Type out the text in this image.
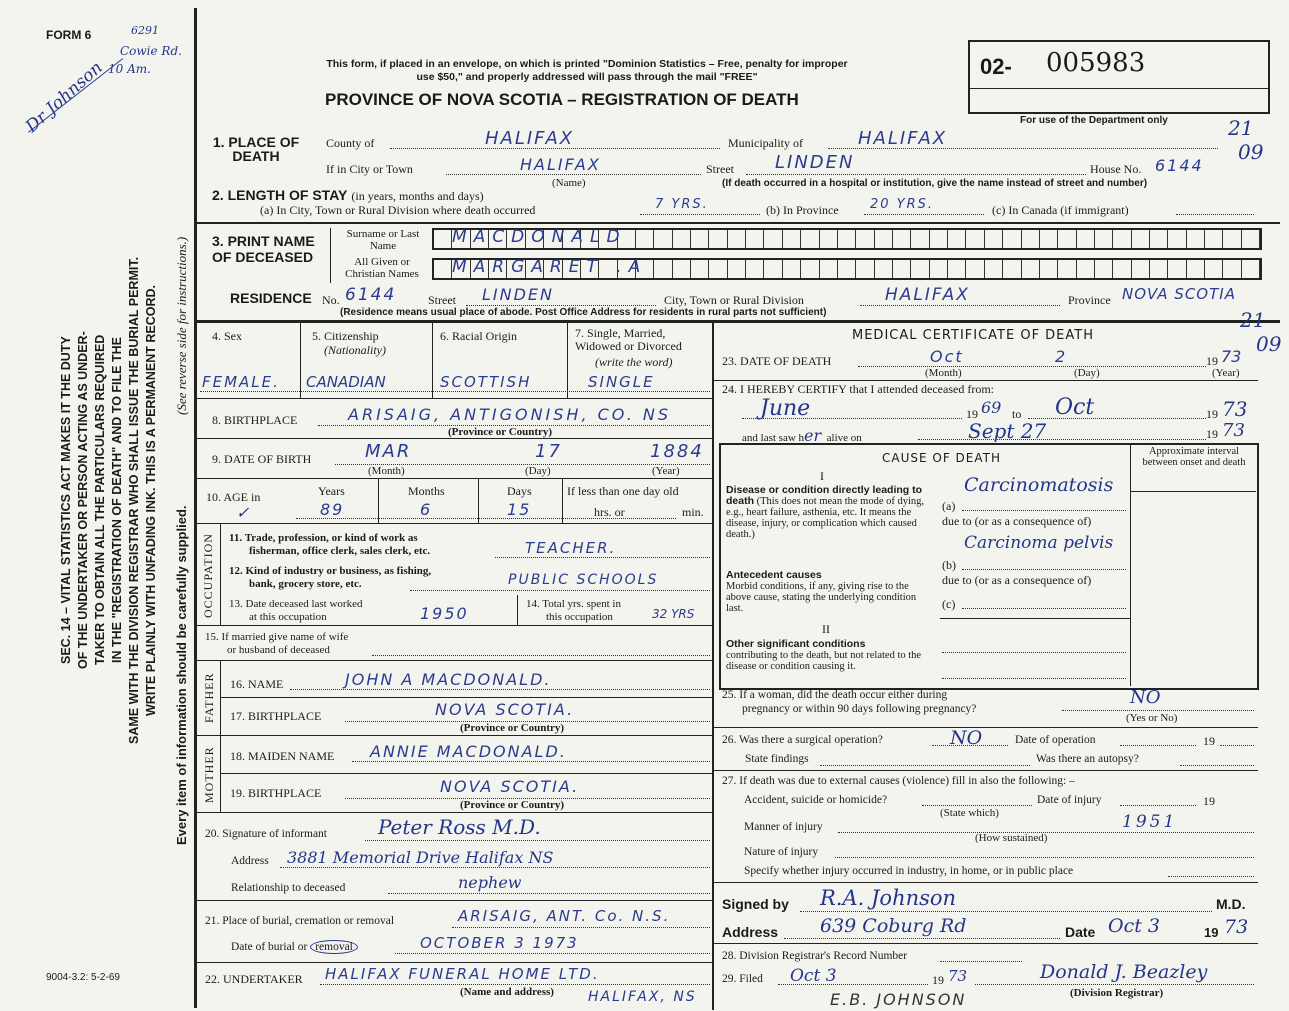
FORM 6
Dr Johnson
6291
Cowie Rd.
10 Am.
SEC. 14 – VITAL STATISTICS ACT MAKES IT THE DUTY OF THE UNDERTAKER OR PERSON ACTING AS UNDER- TAKER TO OBTAIN ALL THE PARTICULARS REQUIRED IN THE "REGISTRATION OF DEATH" AND TO FILE THE SAME WITH THE DIVISION REGISTRAR WHO SHALL ISSUE THE BURIAL PERMIT. WRITE PLAINLY WITH UNFADING INK. THIS IS A PERMANENT RECORD. Every item of information should be carefully supplied.
(See reverse side for instructions.)
9004-3.2: 5-2-69
This form, if placed in an envelope, on which is printed "Dominion Statistics – Free, penalty for improper
use $50," and properly addressed will pass through the mail "FREE"
PROVINCE OF NOVA SCOTIA – REGISTRATION OF DEATH
02- 005983
For use of the Department only	21
09
1. PLACE OF DEATH
County of	HALIFAX	Municipality of	HALIFAX
If in City or Town	HALIFAX
(Name)
Street LINDEN	House No. 6144
(If death occurred in a hospital or institution, give the name instead of street and number)
2. LENGTH OF STAY (in years, months and days)
(a) In City, Town or Rural Division where death occurred	7 YRS.	(b) In Province 20 YRS.	(c) In Canada (if immigrant)
3. PRINT NAME OF DECEASED
Surname or Last Name
All Given or Christian Names
MACDONALD
MARGARET .A
RESIDENCE No. 6144	Street LINDEN	City, Town or Rural Division	HALIFAX	Province NOVA SCOTIA
(Residence means usual place of abode. Post Office Address for residents in rural parts not sufficient)
4. Sex
FEMALE.
5. Citizenship
(Nationality)
CANADIAN
6. Racial Origin
SCOTTISH
7. Single, Married, Widowed or Divorced
(write the word)
SINGLE
8. BIRTHPLACE	ARISAIG, ANTIGONISH, CO. NS
(Province or Country)
9. DATE OF BIRTH	MAR	17	1884
(Month)	(Day)	(Year)
10. AGE in
✓
Years
89
Months
6
Days
15
If less than one day old
hrs. or	min.
OCCUPATION 11. Trade, profession, or kind of work as
fisherman, office clerk, sales clerk, etc.	TEACHER.
12. Kind of industry or business, as fishing,
bank, grocery store, etc.	PUBLIC SCHOOLS
13. Date deceased last worked
at this occupation	1950	14. Total yrs. spent in
this occupation	32 YRS
15. If married give name of wife
or husband of deceased
FATHER 16. NAME	JOHN A MACDONALD.
17. BIRTHPLACE	NOVA SCOTIA.
(Province or Country)
MOTHER 18. MAIDEN NAME ANNIE MACDONALD.
19. BIRTHPLACE	NOVA SCOTIA.
(Province or Country)
20. Signature of informant	Peter Ross M.D.
Address 3881 Memorial Drive Halifax NS
Relationship to deceased	nephew
21. Place of burial, cremation or removal	ARISAIG, ANT. Co. N.S.
Date of burial or removal	OCTOBER 3 1973
22. UNDERTAKER HALIFAX FUNERAL HOME LTD.
(Name and address) HALIFAX, NS
MEDICAL CERTIFICATE OF DEATH
21
09
23. DATE OF DEATH	Oct	2	19 73
(Month)	(Day)	(Year)
24. I HEREBY CERTIFY that I attended deceased from:
June	19 69 to Oct	19 73
and last saw her alive on	Sept 27	19 73
Approximate interval between onset and death
CAUSE OF DEATH
I
Disease or condition directly leading to death (This does not mean the mode of dying, e.g., heart failure, asthenia, etc. It means the disease, injury, or complication which caused death.)
Antecedent causes
Morbid conditions, if any, giving rise to the above cause, stating the underlying condition last.
II
Other significant conditions
contributing to the death, but not related to the disease or condition causing it.
Carcinomatosis
(a)
due to (or as a consequence of)
Carcinoma pelvis
(b)
due to (or as a consequence of)
(c)
25. If a woman, did the death occur either during
pregnancy or within 90 days following pregnancy?
NO
(Yes or No)
26. Was there a surgical operation?	NO	Date of operation	19
State findings	Was there an autopsy?
27. If death was due to external causes (violence) fill in also the following: –
Accident, suicide or homicide?
(State which)
Date of injury	19
Manner of injury	1951
(How sustained)
Nature of injury
Specify whether injury occurred in industry, in home, or in public place
Signed by R.A. Johnson	M.D.
Address 639 Coburg Rd	Date Oct 3	19 73
28. Division Registrar's Record Number
29. Filed Oct 3	19 73	Donald J. Beazley
(Division Registrar)
E.B. JOHNSON
